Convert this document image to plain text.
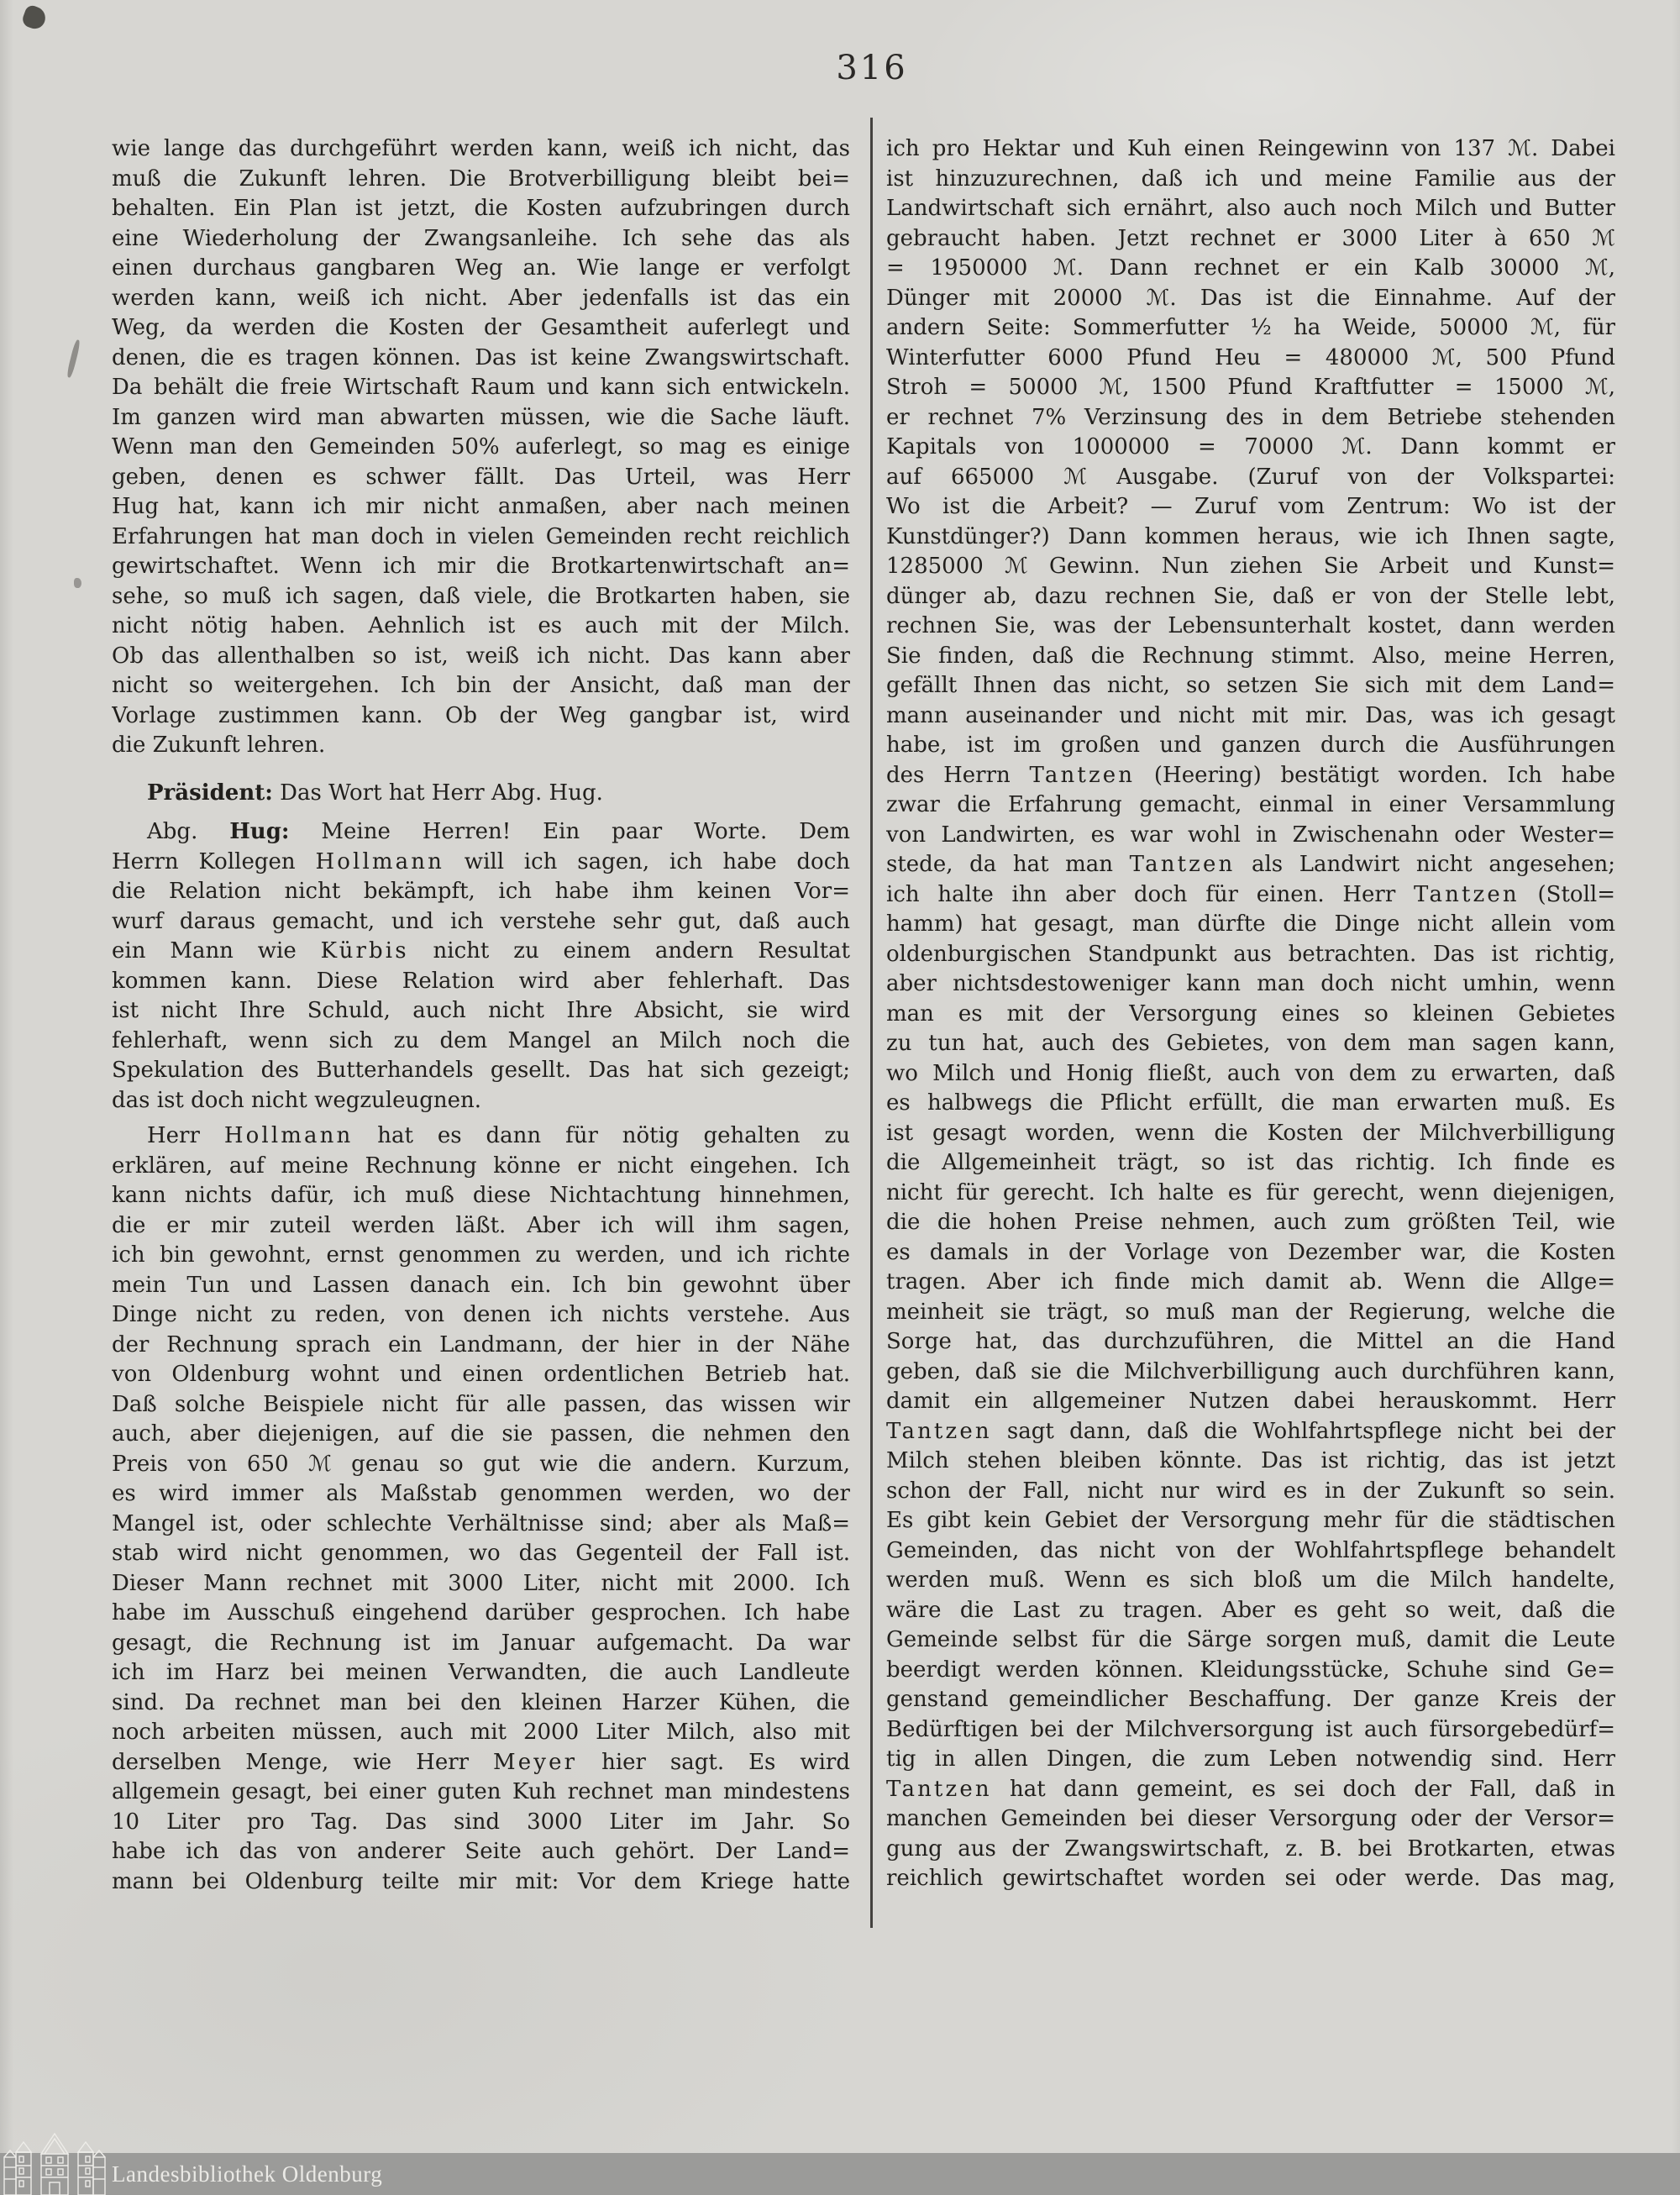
316
wie lange das durchgeführt werden kann, weiß ich nicht, das
muß die Zukunft lehren. Die Brotverbilligung bleibt bei=
behalten. Ein Plan ist jetzt, die Kosten aufzubringen durch
eine Wiederholung der Zwangsanleihe. Ich sehe das als
einen durchaus gangbaren Weg an. Wie lange er verfolgt
werden kann, weiß ich nicht. Aber jedenfalls ist das ein
Weg, da werden die Kosten der Gesamtheit auferlegt und
denen, die es tragen können. Das ist keine Zwangswirtschaft.
Da behält die freie Wirtschaft Raum und kann sich entwickeln.
Im ganzen wird man abwarten müssen, wie die Sache läuft.
Wenn man den Gemeinden 50% auferlegt, so mag es einige
geben, denen es schwer fällt. Das Urteil, was Herr
Hug hat, kann ich mir nicht anmaßen, aber nach meinen
Erfahrungen hat man doch in vielen Gemeinden recht reichlich
gewirtschaftet. Wenn ich mir die Brotkartenwirtschaft an=
sehe, so muß ich sagen, daß viele, die Brotkarten haben, sie
nicht nötig haben. Aehnlich ist es auch mit der Milch.
Ob das allenthalben so ist, weiß ich nicht. Das kann aber
nicht so weitergehen. Ich bin der Ansicht, daß man der
Vorlage zustimmen kann. Ob der Weg gangbar ist, wird
die Zukunft lehren.
Präsident: Das Wort hat Herr Abg. Hug.
Abg. Hug: Meine Herren! Ein paar Worte. Dem
Herrn Kollegen Hollmann will ich sagen, ich habe doch
die Relation nicht bekämpft, ich habe ihm keinen Vor=
wurf daraus gemacht, und ich verstehe sehr gut, daß auch
ein Mann wie Kürbis nicht zu einem andern Resultat
kommen kann. Diese Relation wird aber fehlerhaft. Das
ist nicht Ihre Schuld, auch nicht Ihre Absicht, sie wird
fehlerhaft, wenn sich zu dem Mangel an Milch noch die
Spekulation des Butterhandels gesellt. Das hat sich gezeigt;
das ist doch nicht wegzuleugnen.
Herr Hollmann hat es dann für nötig gehalten zu
erklären, auf meine Rechnung könne er nicht eingehen. Ich
kann nichts dafür, ich muß diese Nichtachtung hinnehmen,
die er mir zuteil werden läßt. Aber ich will ihm sagen,
ich bin gewohnt, ernst genommen zu werden, und ich richte
mein Tun und Lassen danach ein. Ich bin gewohnt über
Dinge nicht zu reden, von denen ich nichts verstehe. Aus
der Rechnung sprach ein Landmann, der hier in der Nähe
von Oldenburg wohnt und einen ordentlichen Betrieb hat.
Daß solche Beispiele nicht für alle passen, das wissen wir
auch, aber diejenigen, auf die sie passen, die nehmen den
Preis von 650 ℳ genau so gut wie die andern. Kurzum,
es wird immer als Maßstab genommen werden, wo der
Mangel ist, oder schlechte Verhältnisse sind; aber als Maß=
stab wird nicht genommen, wo das Gegenteil der Fall ist.
Dieser Mann rechnet mit 3000 Liter, nicht mit 2000. Ich
habe im Ausschuß eingehend darüber gesprochen. Ich habe
gesagt, die Rechnung ist im Januar aufgemacht. Da war
ich im Harz bei meinen Verwandten, die auch Landleute
sind. Da rechnet man bei den kleinen Harzer Kühen, die
noch arbeiten müssen, auch mit 2000 Liter Milch, also mit
derselben Menge, wie Herr Meyer hier sagt. Es wird
allgemein gesagt, bei einer guten Kuh rechnet man mindestens
10 Liter pro Tag. Das sind 3000 Liter im Jahr. So
habe ich das von anderer Seite auch gehört. Der Land=
mann bei Oldenburg teilte mir mit: Vor dem Kriege hatte
ich pro Hektar und Kuh einen Reingewinn von 137 ℳ. Dabei
ist hinzuzurechnen, daß ich und meine Familie aus der
Landwirtschaft sich ernährt, also auch noch Milch und Butter
gebraucht haben. Jetzt rechnet er 3000 Liter à 650 ℳ
= 1950000 ℳ. Dann rechnet er ein Kalb 30000 ℳ,
Dünger mit 20000 ℳ. Das ist die Einnahme. Auf der
andern Seite: Sommerfutter ½ ha Weide, 50000 ℳ, für
Winterfutter 6000 Pfund Heu = 480000 ℳ, 500 Pfund
Stroh = 50000 ℳ, 1500 Pfund Kraftfutter = 15000 ℳ,
er rechnet 7% Verzinsung des in dem Betriebe stehenden
Kapitals von 1000000 = 70000 ℳ. Dann kommt er
auf 665000 ℳ Ausgabe. (Zuruf von der Volkspartei:
Wo ist die Arbeit? — Zuruf vom Zentrum: Wo ist der
Kunstdünger?) Dann kommen heraus, wie ich Ihnen sagte,
1285000 ℳ Gewinn. Nun ziehen Sie Arbeit und Kunst=
dünger ab, dazu rechnen Sie, daß er von der Stelle lebt,
rechnen Sie, was der Lebensunterhalt kostet, dann werden
Sie finden, daß die Rechnung stimmt. Also, meine Herren,
gefällt Ihnen das nicht, so setzen Sie sich mit dem Land=
mann auseinander und nicht mit mir. Das, was ich gesagt
habe, ist im großen und ganzen durch die Ausführungen
des Herrn Tantzen (Heering) bestätigt worden. Ich habe
zwar die Erfahrung gemacht, einmal in einer Versammlung
von Landwirten, es war wohl in Zwischenahn oder Wester=
stede, da hat man Tantzen als Landwirt nicht angesehen;
ich halte ihn aber doch für einen. Herr Tantzen (Stoll=
hamm) hat gesagt, man dürfte die Dinge nicht allein vom
oldenburgischen Standpunkt aus betrachten. Das ist richtig,
aber nichtsdestoweniger kann man doch nicht umhin, wenn
man es mit der Versorgung eines so kleinen Gebietes
zu tun hat, auch des Gebietes, von dem man sagen kann,
wo Milch und Honig fließt, auch von dem zu erwarten, daß
es halbwegs die Pflicht erfüllt, die man erwarten muß. Es
ist gesagt worden, wenn die Kosten der Milchverbilligung
die Allgemeinheit trägt, so ist das richtig. Ich finde es
nicht für gerecht. Ich halte es für gerecht, wenn diejenigen,
die die hohen Preise nehmen, auch zum größten Teil, wie
es damals in der Vorlage von Dezember war, die Kosten
tragen. Aber ich finde mich damit ab. Wenn die Allge=
meinheit sie trägt, so muß man der Regierung, welche die
Sorge hat, das durchzuführen, die Mittel an die Hand
geben, daß sie die Milchverbilligung auch durchführen kann,
damit ein allgemeiner Nutzen dabei herauskommt. Herr
Tantzen sagt dann, daß die Wohlfahrtspflege nicht bei der
Milch stehen bleiben könnte. Das ist richtig, das ist jetzt
schon der Fall, nicht nur wird es in der Zukunft so sein.
Es gibt kein Gebiet der Versorgung mehr für die städtischen
Gemeinden, das nicht von der Wohlfahrtspflege behandelt
werden muß. Wenn es sich bloß um die Milch handelte,
wäre die Last zu tragen. Aber es geht so weit, daß die
Gemeinde selbst für die Särge sorgen muß, damit die Leute
beerdigt werden können. Kleidungsstücke, Schuhe sind Ge=
genstand gemeindlicher Beschaffung. Der ganze Kreis der
Bedürftigen bei der Milchversorgung ist auch fürsorgebedürf=
tig in allen Dingen, die zum Leben notwendig sind. Herr
Tantzen hat dann gemeint, es sei doch der Fall, daß in
manchen Gemeinden bei dieser Versorgung oder der Versor=
gung aus der Zwangswirtschaft, z. B. bei Brotkarten, etwas
reichlich gewirtschaftet worden sei oder werde. Das mag,
Landesbibliothek Oldenburg
